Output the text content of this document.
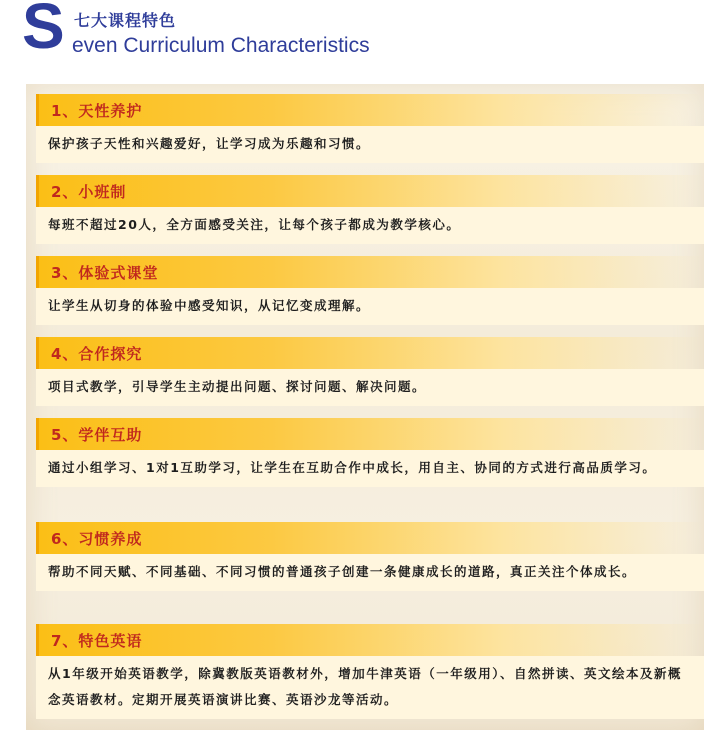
S 七大课程特色
even Curriculum Characteristics
1、天性养护
保护孩子天性和兴趣爱好，让学习成为乐趣和习惯。
2、小班制
每班不超过20人，全方面感受关注，让每个孩子都成为教学核心。
3、体验式课堂
让学生从切身的体验中感受知识，从记忆变成理解。
4、合作探究
项目式教学，引导学生主动提出问题、探讨问题、解决问题。
5、学伴互助
通过小组学习、1对1互助学习，让学生在互助合作中成长，用自主、协同的方式进行高品质学习。
6、习惯养成
帮助不同天赋、不同基础、不同习惯的普通孩子创建一条健康成长的道路，真正关注个体成长。
7、特色英语
从1年级开始英语教学，除冀教版英语教材外，增加牛津英语（一年级用）、自然拼读、英文绘本及新概念英语教材。定期开展英语演讲比赛、英语沙龙等活动。
